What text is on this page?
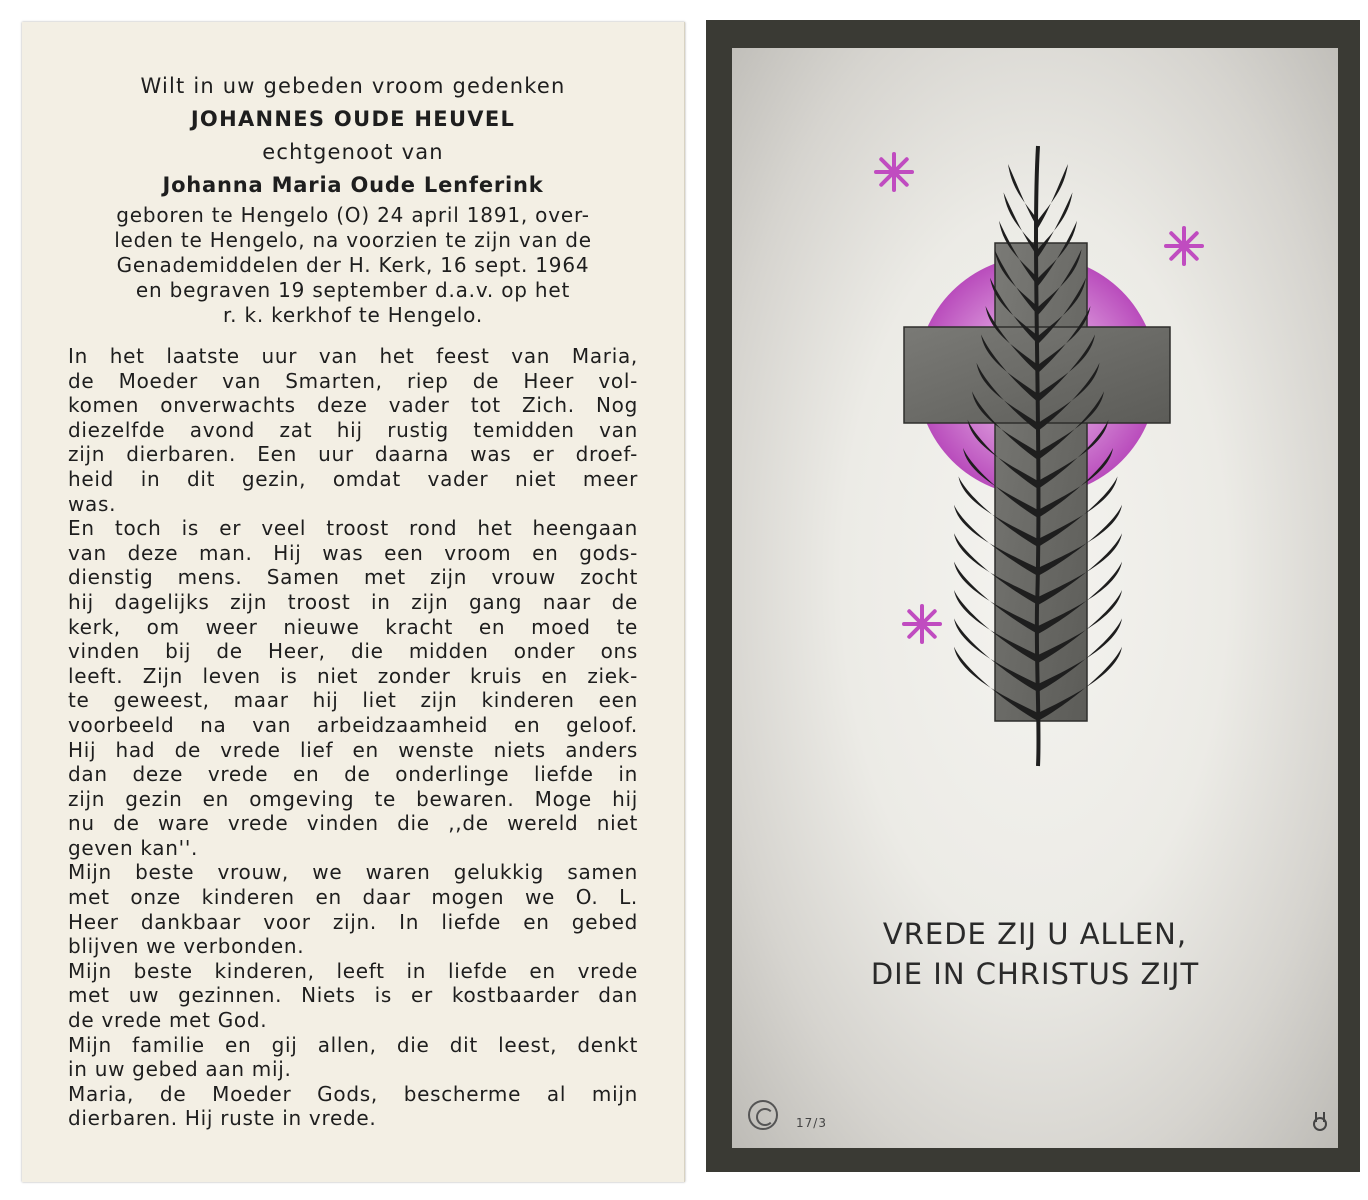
Wilt in uw gebeden vroom gedenken
JOHANNES OUDE HEUVEL
echtgenoot van
Johanna Maria Oude Lenferink
geboren te Hengelo (O) 24 april 1891, over-
leden te Hengelo, na voorzien te zijn van de
Genademiddelen der H. Kerk, 16 sept. 1964
en begraven 19 september d.a.v. op het
r. k. kerkhof te Hengelo.
In het laatste uur van het feest van Maria,
de Moeder van Smarten, riep de Heer vol-
komen onverwachts deze vader tot Zich. Nog
diezelfde avond zat hij rustig temidden van
zijn dierbaren. Een uur daarna was er droef-
heid in dit gezin, omdat vader niet meer
was.
En toch is er veel troost rond het heengaan
van deze man. Hij was een vroom en gods-
dienstig mens. Samen met zijn vrouw zocht
hij dagelijks zijn troost in zijn gang naar de
kerk, om weer nieuwe kracht en moed te
vinden bij de Heer, die midden onder ons
leeft. Zijn leven is niet zonder kruis en ziek-
te geweest, maar hij liet zijn kinderen een
voorbeeld na van arbeidzaamheid en geloof.
Hij had de vrede lief en wenste niets anders
dan deze vrede en de onderlinge liefde in
zijn gezin en omgeving te bewaren. Moge hij
nu de ware vrede vinden die ,,de wereld niet
geven kan''.
Mijn beste vrouw, we waren gelukkig samen
met onze kinderen en daar mogen we O. L.
Heer dankbaar voor zijn. In liefde en gebed
blijven we verbonden.
Mijn beste kinderen, leeft in liefde en vrede
met uw gezinnen. Niets is er kostbaarder dan
de vrede met God.
Mijn familie en gij allen, die dit leest, denkt
in uw gebed aan mij.
Maria, de Moeder Gods, bescherme al mijn
dierbaren. Hij ruste in vrede.
VREDE ZIJ U ALLEN,
DIE IN CHRISTUS ZIJT
17/3
